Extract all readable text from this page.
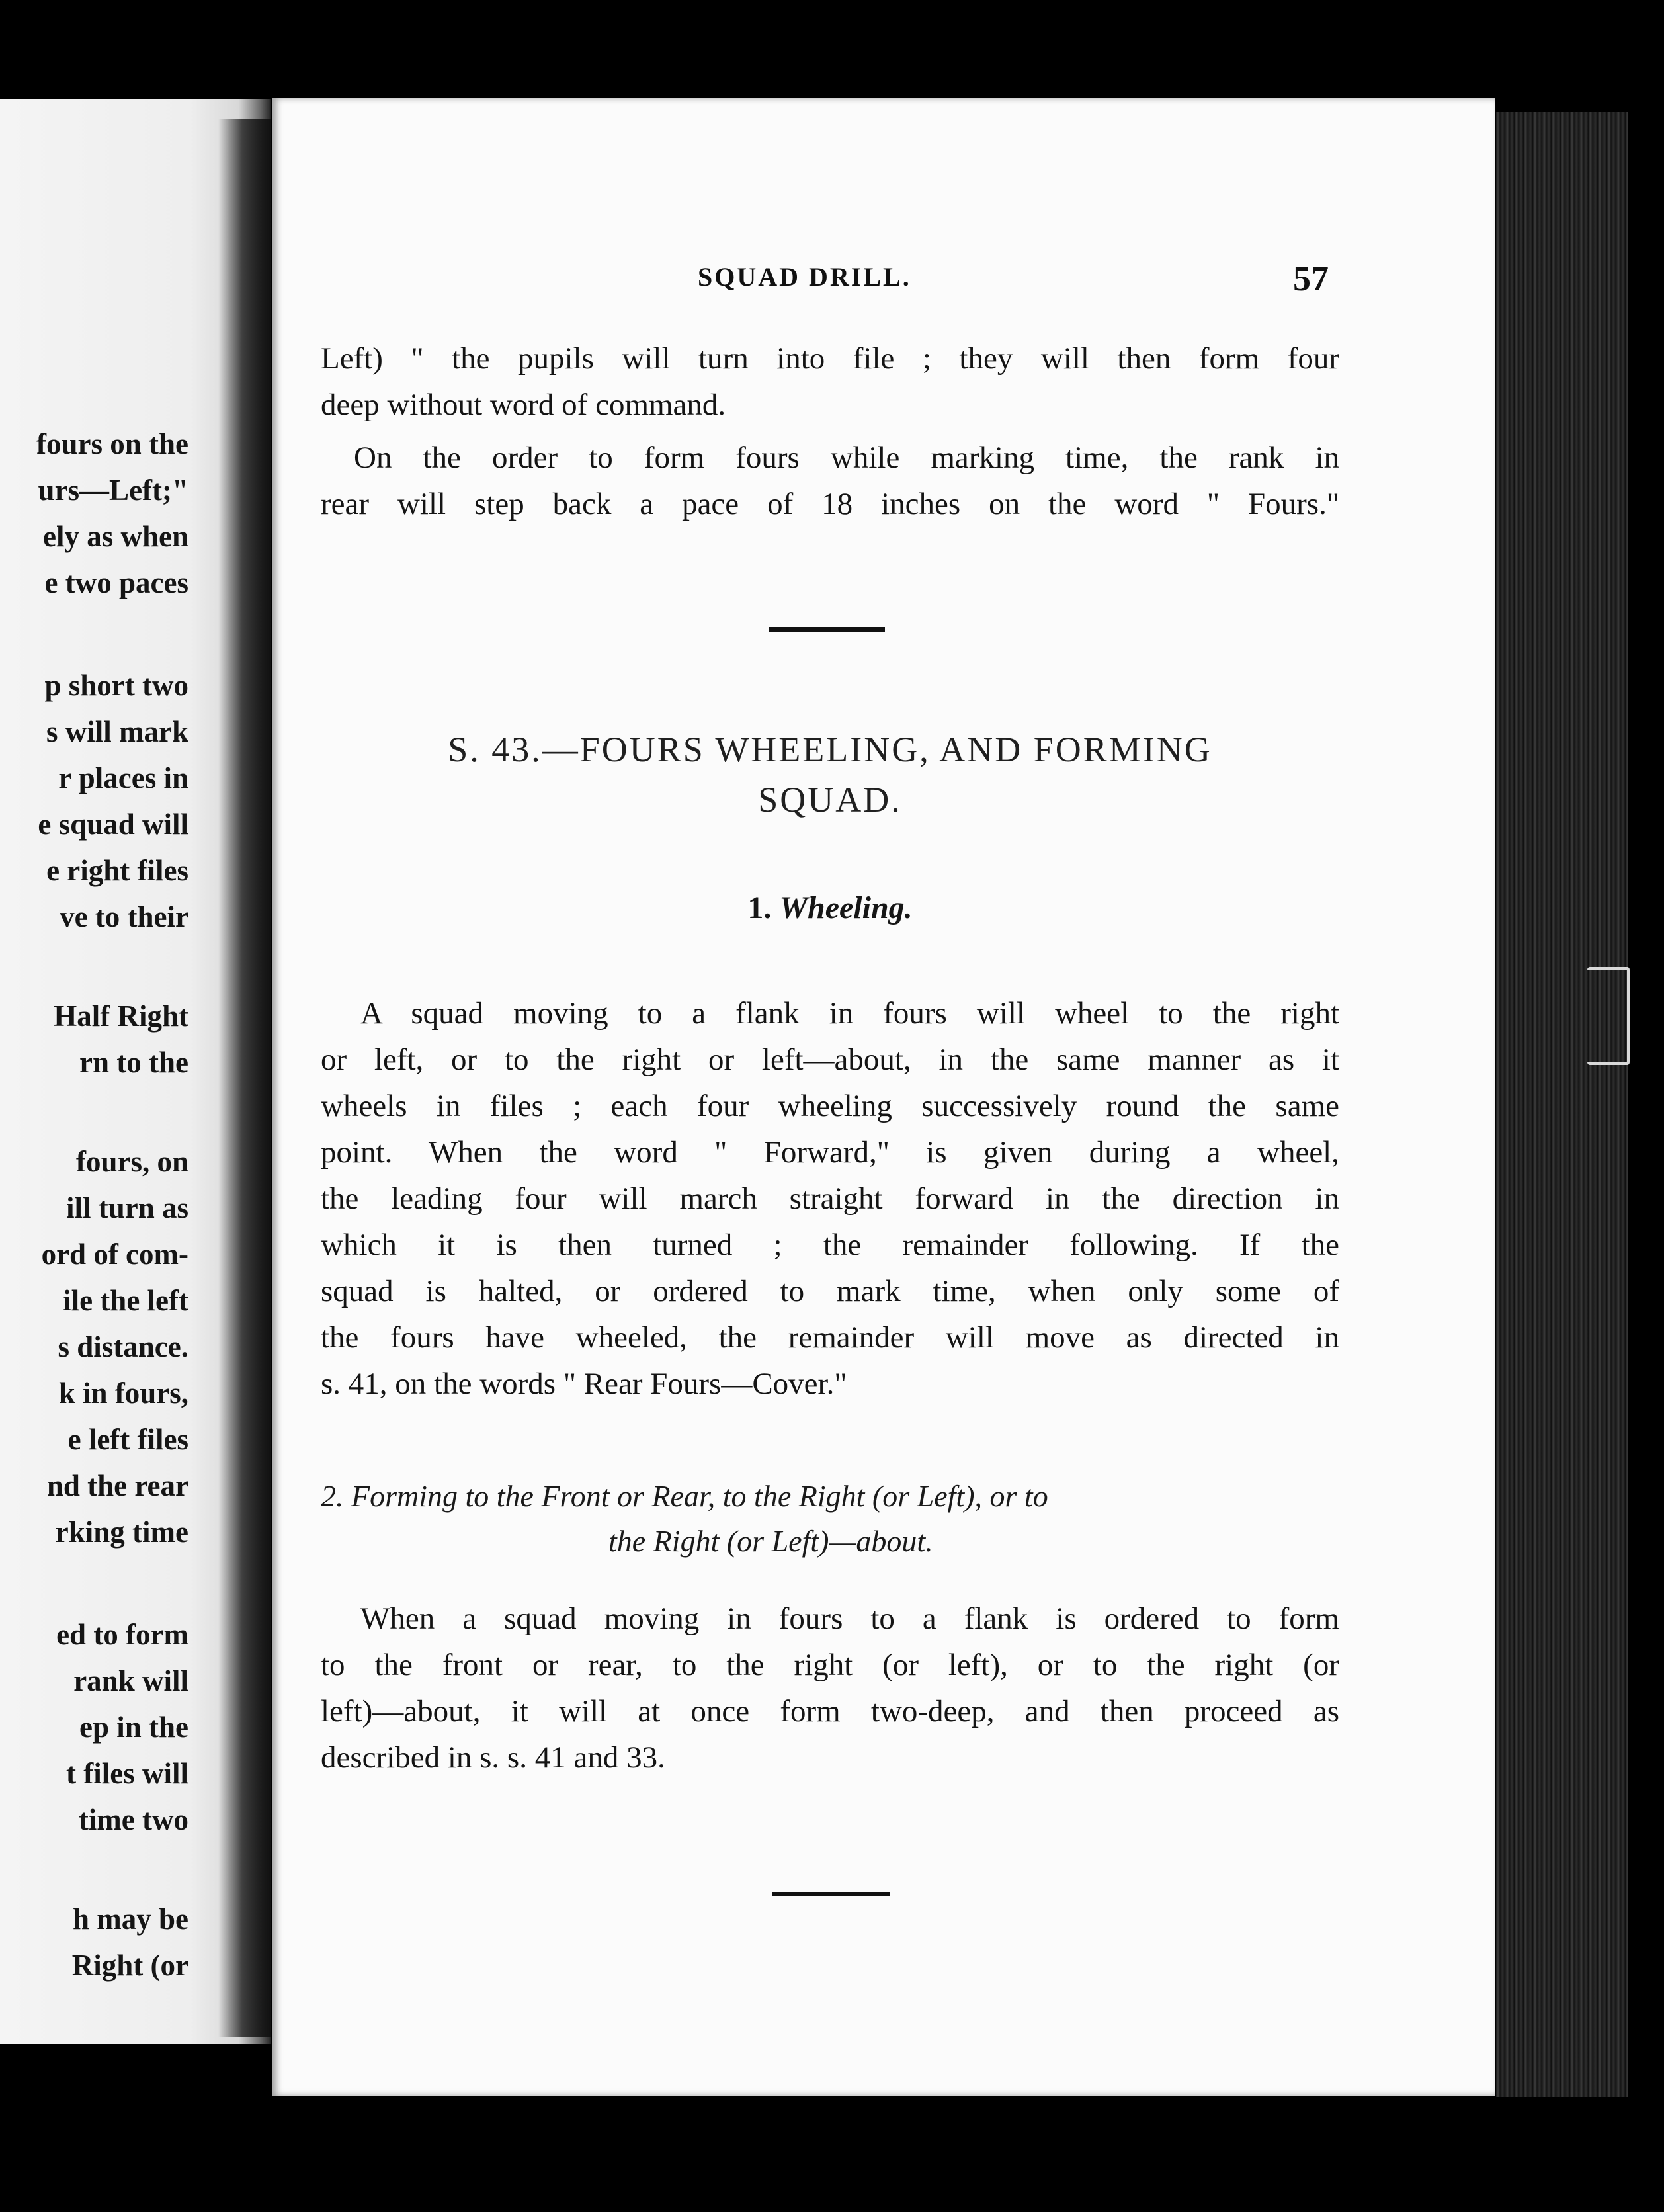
fours on the
urs—Left;"
ely as when
e two paces
p short two
s will mark
r places in
e squad will
e right files
ve to their
Half Right
rn to the
fours, on
ill turn as
ord of com-
ile the left
s distance.
k in fours,
e left files
nd the rear
rking time
ed to form
rank will
ep in the
t files will
time two
h may be
Right (or
SQUAD DRILL.	57
Left) " the pupils will turn into file ; they will then form four
deep without word of command.
On the order to form fours while marking time, the rank in
rear will step back a pace of 18 inches on the word " Fours."
S. 43.—FOURS WHEELING, AND FORMING
SQUAD.
1. Wheeling.
A squad moving to a flank in fours will wheel to the right
or left, or to the right or left—about, in the same manner as it
wheels in files ; each four wheeling successively round the same
point. When the word " Forward," is given during a wheel,
the leading four will march straight forward in the direction in
which it is then turned ; the remainder following. If the
squad is halted, or ordered to mark time, when only some of
the fours have wheeled, the remainder will move as directed in
s. 41, on the words " Rear Fours—Cover."
2. Forming to the Front or Rear, to the Right (or Left), or to
the Right (or Left)—about.
When a squad moving in fours to a flank is ordered to form
to the front or rear, to the right (or left), or to the right (or
left)—about, it will at once form two-deep, and then proceed as
described in s. s. 41 and 33.
